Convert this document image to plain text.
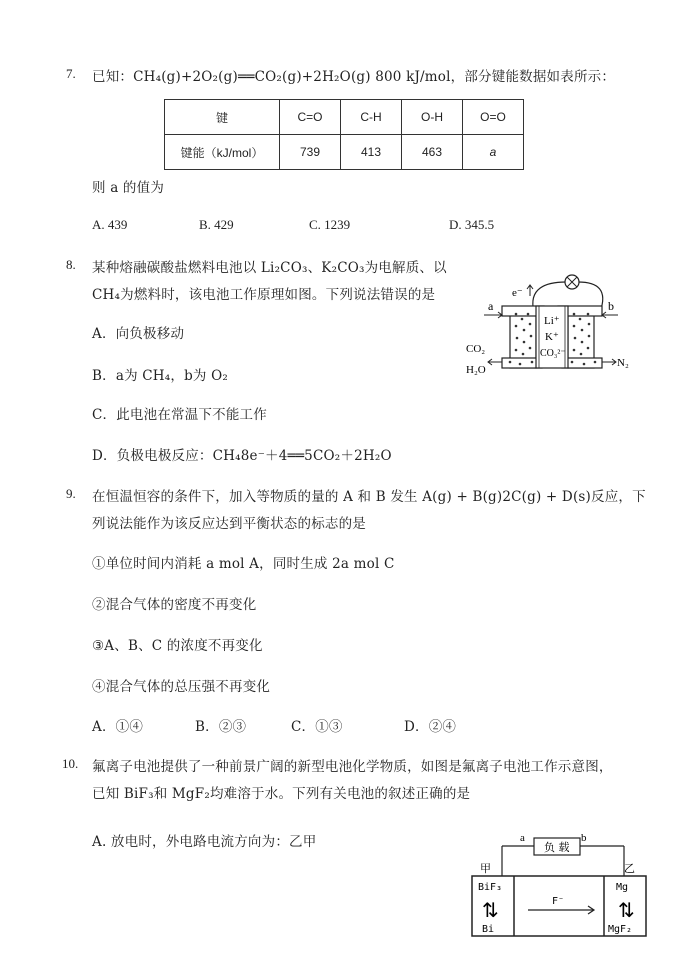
7. 已知：CH₄(g)+2O₂(g)══CO₂(g)+2H₂O(g) 800 kJ/mol，部分键能数据如表所示：
键	C=O	C-H	O-H	O=O
键能（kJ/mol）	739	413	463	a
则 a 的值为
A. 439	B. 429	C. 1239	D. 345.5
8. 某种熔融碳酸盐燃料电池以 Li₂CO₃、K₂CO₃为电解质、以
CH₄为燃料时，该电池工作原理如图。下列说法错误的是
A．向负极移动
B．a为 CH₄，b为 O₂
C．此电池在常温下不能工作
D．负极电极反应：CH₄8e⁻＋4══5CO₂＋2H₂O
e⁻
Li⁺
K⁺
CO₃²⁻
a	b
CO₂
H₂O
N₂
9. 在恒温恒容的条件下，加入等物质的量的 A 和 B 发生 A(g) + B(g)2C(g) + D(s)反应，下
列说法能作为该反应达到平衡状态的标志的是
①单位时间内消耗 a mol A，同时生成 2a mol C
②混合气体的密度不再变化
③A、B、C 的浓度不再变化
④混合气体的总压强不再变化
A．①④	B．②③	C．①③	D．②④
10. 氟离子电池提供了一种前景广阔的新型电池化学物质，如图是氟离子电池工作示意图，
已知 BiF₃和 MgF₂均难溶于水。下列有关电池的叙述正确的是
A. 放电时，外电路电流方向为：乙甲	负 载
a	b
甲	乙
BiF₃
⇅
Bi
Mg
⇅
MgF₂
F⁻
